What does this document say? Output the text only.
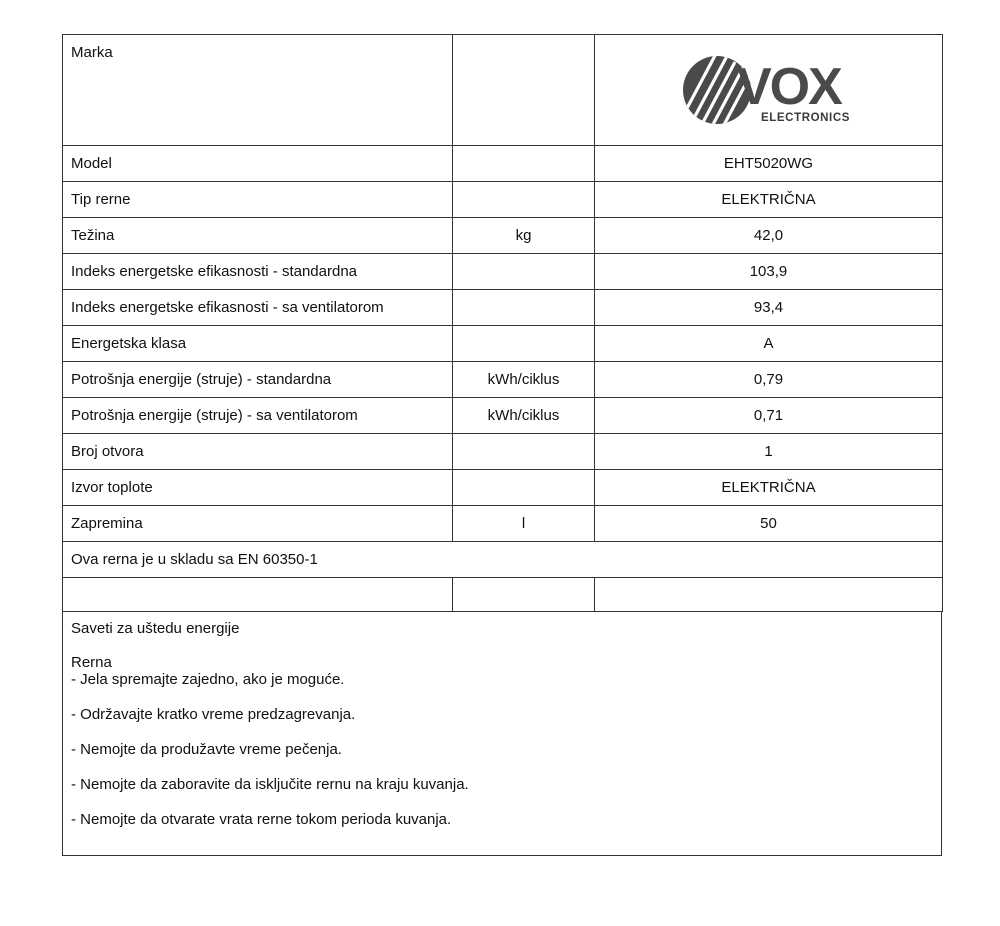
Marka		VOX
ELECTRONICS

Model		EHT5020WG
Tip rerne		ELEKTRIČNA
Težina	kg	42,0
Indeks energetske efikasnosti - standardna		103,9
Indeks energetske efikasnosti - sa ventilatorom		93,4
Energetska klasa		A
Potrošnja energije (struje) - standardna	kWh/ciklus	0,79
Potrošnja energije (struje) - sa ventilatorom	kWh/ciklus	0,71
Broj otvora		1
Izvor toplote		ELEKTRIČNA
Zapremina	l	50
Ova rerna je u skladu sa EN 60350-1		

Saveti za uštedu energije

Rerna

- Jela spremajte zajedno, ako je moguće.

- Održavajte kratko vreme predzagrevanja.

- Nemojte da produžavte vreme pečenja.

- Nemojte da zaboravite da isključite rernu na kraju kuvanja.

- Nemojte da otvarate vrata rerne tokom perioda kuvanja.
